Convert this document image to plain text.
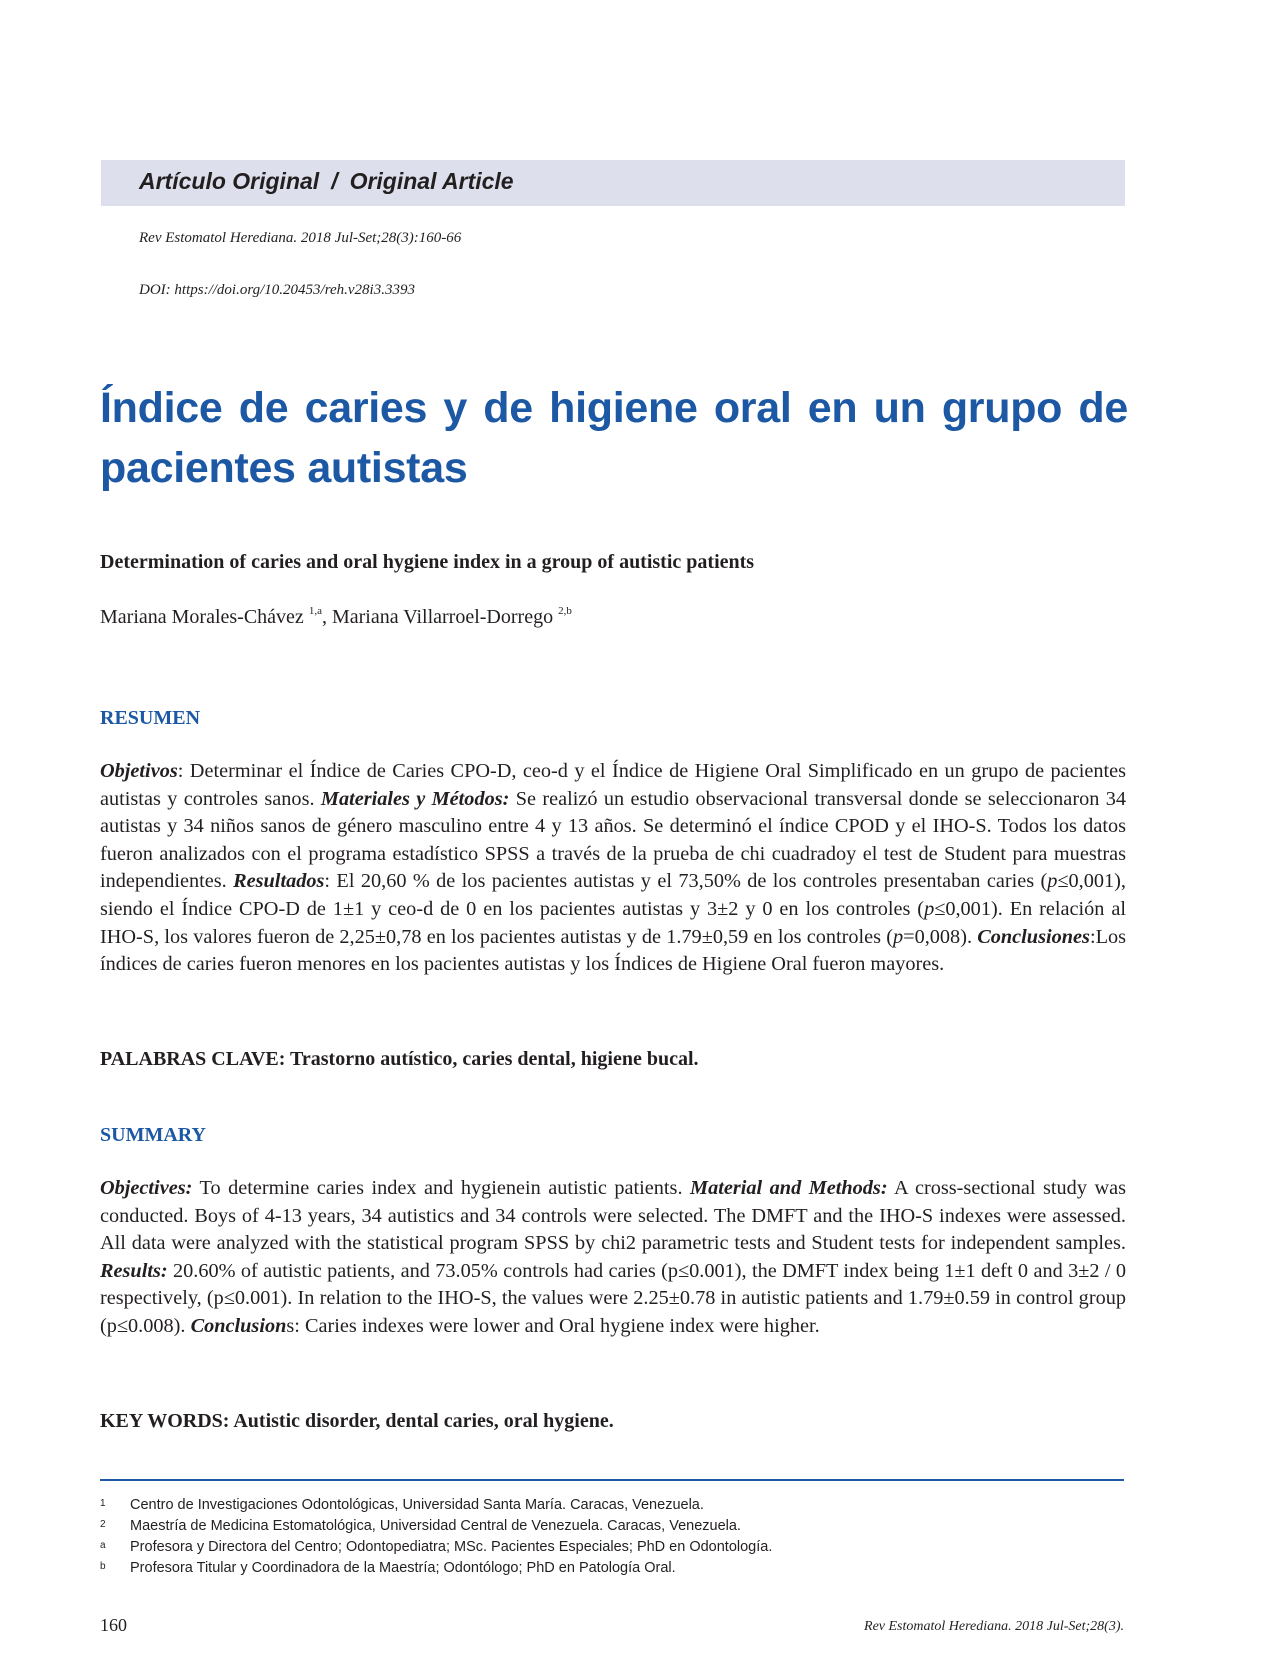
Artículo Original / Original Article
Rev Estomatol Herediana. 2018 Jul-Set;28(3):160-66
DOI: https://doi.org/10.20453/reh.v28i3.3393
Índice de caries y de higiene oral en un grupo de
pacientes autistas
Determination of caries and oral hygiene index in a group of autistic patients
Mariana Morales-Chávez $^{1,a}$, Mariana Villarroel-Dorrego $^{2,b}$
RESUMEN

Objetivos: Determinar el Índice de Caries CPO-D, ceo-d y el Índice de Higiene Oral Simplificado en un grupo de pacientes autistas y controles sanos. Materiales y Métodos: Se realizó un estudio observacional transversal donde se seleccionaron 34 autistas y 34 niños sanos de género masculino entre 4 y 13 años. Se determinó el índice CPOD y el IHO-S. Todos los datos fueron analizados con el programa estadístico SPSS a través de la prueba de chi cuadradoy el test de Student para muestras independientes. Resultados: El 20,60 % de los pacientes autistas y el 73,50% de los controles presentaban caries (p≤0,001), siendo el Índice CPO-D de 1±1 y ceo-d de 0 en los pacientes autistas y 3±2 y 0 en los controles (p≤0,001). En relación al IHO-S, los valores fueron de 2,25±0,78 en los pacientes autistas y de 1.79±0,59 en los controles (p=0,008). Conclusiones:Los índices de caries fueron menores en los pacientes autistas y los Índices de Higiene Oral fueron mayores.

PALABRAS CLAVE: Trastorno autístico, caries dental, higiene bucal.

SUMMARY

Objectives: To determine caries index and hygienein autistic patients. Material and Methods: A cross-sectional study was conducted. Boys of 4-13 years, 34 autistics and 34 controls were selected. The DMFT and the IHO-S indexes were assessed. All data were analyzed with the statistical program SPSS by chi2 parametric tests and Student tests for independent samples. Results: 20.60% of autistic patients, and 73.05% controls had caries (p≤0.001), the DMFT index being 1±1 deft 0 and 3±2 / 0 respectively, (p≤0.001). In relation to the IHO-S, the values were 2.25±0.78 in autistic patients and 1.79±0.59 in control group (p≤0.008). Conclusions: Caries indexes were lower and Oral hygiene index were higher.

KEY WORDS: Autistic disorder, dental caries, oral hygiene.

1	Centro de Investigaciones Odontológicas, Universidad Santa María. Caracas, Venezuela.
2	Maestría de Medicina Estomatológica, Universidad Central de Venezuela. Caracas, Venezuela.
a	Profesora y Directora del Centro; Odontopediatra; MSc. Pacientes Especiales; PhD en Odontología.
b	Profesora Titular y Coordinadora de la Maestría; Odontólogo; PhD en Patología Oral.
160	Rev Estomatol Herediana. 2018 Jul-Set;28(3).
